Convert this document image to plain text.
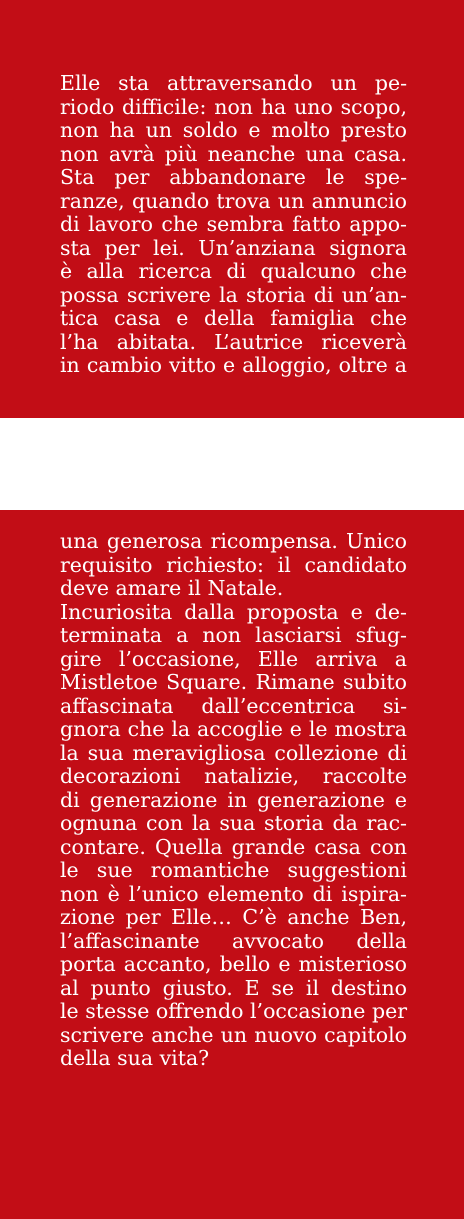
Elle sta attraversando un pe-
riodo difficile: non ha uno scopo,
non ha un soldo e molto presto
non avrà più neanche una casa.
Sta per abbandonare le spe-
ranze, quando trova un annuncio
di lavoro che sembra fatto appo-
sta per lei. Un’anziana signora
è alla ricerca di qualcuno che
possa scrivere la storia di un’an-
tica casa e della famiglia che
l’ha abitata. L’autrice riceverà
in cambio vitto e alloggio, oltre a
una generosa ricompensa. Unico
requisito richiesto: il candidato
deve amare il Natale.
Incuriosita dalla proposta e de-
terminata a non lasciarsi sfug-
gire l’occasione, Elle arriva a
Mistletoe Square. Rimane subito
affascinata dall’eccentrica si-
gnora che la accoglie e le mostra
la sua meravigliosa collezione di
decorazioni natalizie, raccolte
di generazione in generazione e
ognuna con la sua storia da rac-
contare. Quella grande casa con
le sue romantiche suggestioni
non è l’unico elemento di ispira-
zione per Elle… C’è anche Ben,
l’affascinante avvocato della
porta accanto, bello e misterioso
al punto giusto. E se il destino
le stesse offrendo l’occasione per
scrivere anche un nuovo capitolo
della sua vita?
